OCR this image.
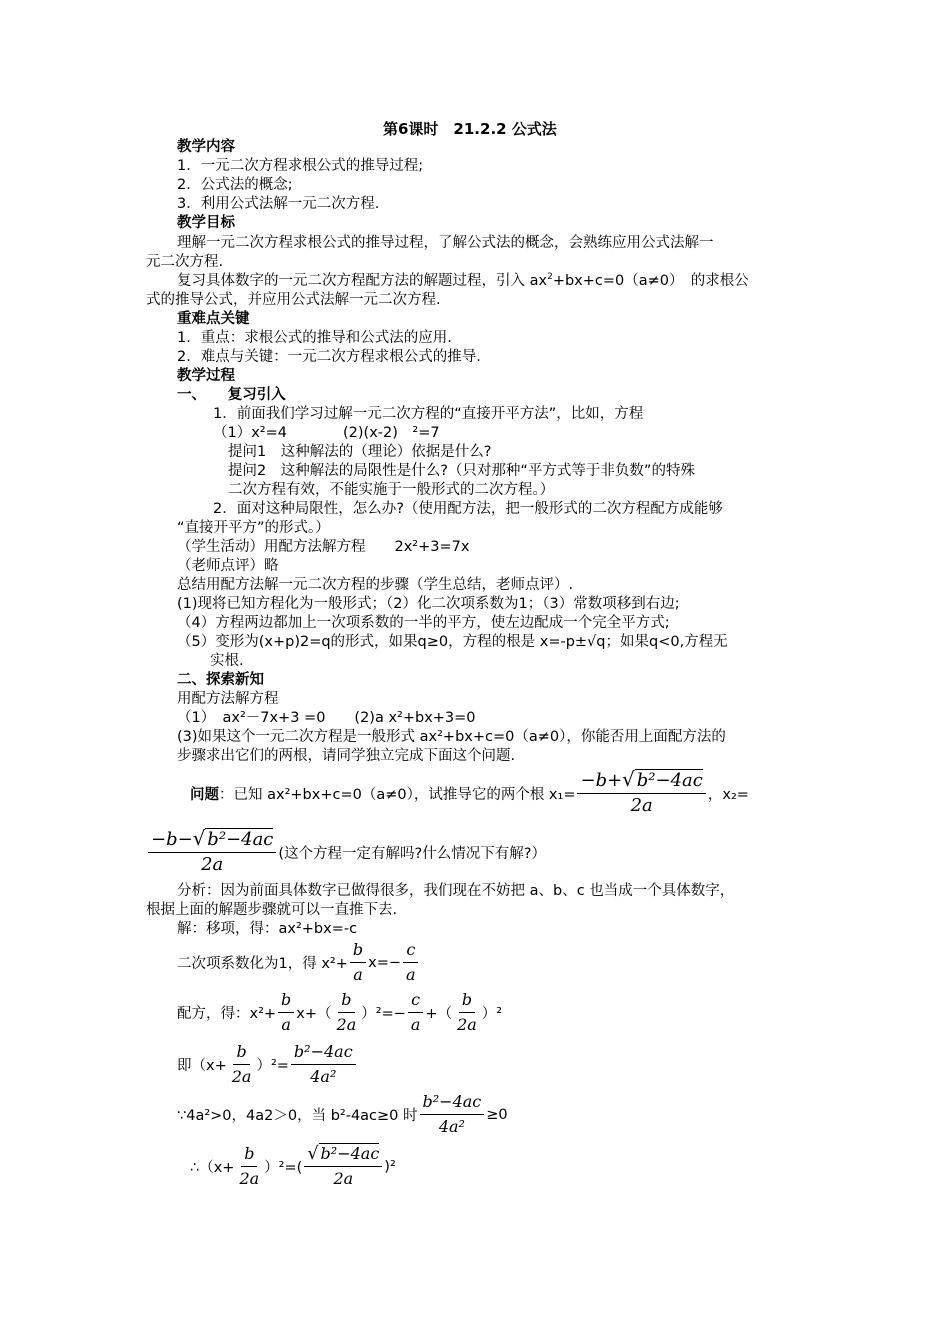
第6课时　21.2.2 公式法
教学内容
1．一元二次方程求根公式的推导过程;
2．公式法的概念;
3．利用公式法解一元二次方程.
教学目标
理解一元二次方程求根公式的推导过程，了解公式法的概念，会熟练应用公式法解一
元二次方程.
复习具体数字的一元二次方程配方法的解题过程，引入 $ax^2+bx+c=0(a\ne 0)$　的求根公
式的推导公式，并应用公式法解一元二次方程.
重难点关键
1．重点：求根公式的推导和公式法的应用.
2．难点与关键：一元二次方程求根公式的推导.
教学过程
一、　　复习引入
1．前面我们学习过解一元二次方程的“直接开平方法”，比如，方程
（1）x²=4	(2)(x-2)　²=7
提问1　这种解法的（理论）依据是什么?
提问2　这种解法的局限性是什么?（只对那种“平方式等于非负数”的特殊
二次方程有效，不能实施于一般形式的二次方程。）
2．面对这种局限性，怎么办?（使用配方法，把一般形式的二次方程配方成能够
“直接开平方”的形式。）
（学生活动）用配方法解方程　　2x²+3=7x
（老师点评）略
总结用配方法解一元二次方程的步骤（学生总结，老师点评）.
(1)现将已知方程化为一般形式；（2）化二次项系数为1；（3）常数项移到右边;
（4）方程两边都加上一次项系数的一半的平方，使左边配成一个完全平方式;
（5）变形为(x+p)2=q的形式，如果q≥0，方程的根是 x=-p±√q；如果q<0,方程无
实根.
二、探索新知
用配方法解方程
（1）　ax²－7x+3 =0　　(2)a x²+bx+3=0
(3)如果这个一元二次方程是一般形式 ax²+bx+c=0（a≠0），你能否用上面配方法的
步骤求出它们的两根，请同学独立完成下面这个问题.
问题 ：已知 ax²+bx+c=0（a≠0），试推导它的两个根 $x_1= \frac{\text{−b+√ b²−4ac}}{2a}$ ，x₂=
$\frac{\text{−b−√ b²−4ac}}{2a}$ (这个方程一定有解吗?什么情况下有解?）
分析：因为前面具体数字已做得很多，我们现在不妨把 a、b、c 也当成一个具体数字，
根据上面的解题步骤就可以一直推下去.
解：移项，得：ax²+bx=-c
二次项系数化为1，得 $x^2+ \frac{b}{a} x=- \frac{c}{a}$
配方，得：$x^2+ \frac{b}{a} x+( \frac{b}{2a} )^2=- \frac{c}{a}$ +（ $\frac{b}{2a} )^2$
即$(x+ \frac{b}{2a} )^2= \frac{\text{b²−4ac}}{\text{4a²}}$
∵4a²>0，4a2＞0，当 b²-4ac≥0 时 $\frac{\text{b²−4ac}}{\text{4a²}} \ge 0$
∴（x+ $\frac{b}{2a} )^2=( \frac{\text{√ b²−4ac}}{2a} )^2$
